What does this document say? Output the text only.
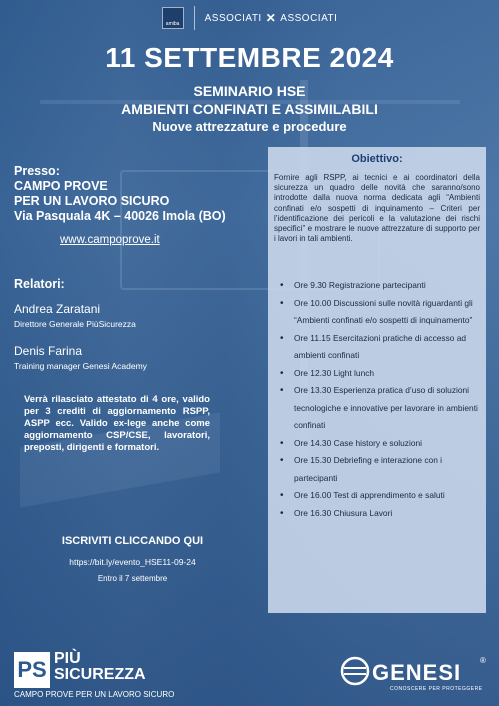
amiba
ASSOCIATI ✕ ASSOCIATI
11 SETTEMBRE 2024
SEMINARIO HSE
AMBIENTI CONFINATI E ASSIMILABILI
Nuove attrezzature e procedure
Presso:
CAMPO PROVE
PER UN LAVORO SICURO
Via Pasquala 4K – 40026 Imola (BO)
www.campoprove.it
Relatori:
Andrea Zaratani
Direttore Generale PiùSicurezza
Denis Farina
Training manager Genesi Academy
Verrà rilasciato attestato di 4 ore, valido per 3 crediti di aggiornamento RSPP, ASPP ecc. Valido ex-lege anche come aggiornamento CSP/CSE, lavoratori, preposti, dirigenti e formatori.
ISCRIVITI CLICCANDO QUI
https://bit.ly/evento_HSE11-09-24
Entro il 7 settembre
Obiettivo:
Fornire agli RSPP, ai tecnici e ai coordinatori della sicurezza un quadro delle novità che saranno/sono introdotte dalla nuova norma dedicata agli “Ambienti confinati e/o sospetti di inquinamento – Criteri per l’identificazione dei pericoli e la valutazione dei rischi specifici” e mostrare le nuove attrezzature di supporto per i lavori in tali ambienti.
• Ore 9.30 Registrazione partecipanti
• Ore 10.00 Discussioni sulle novità riguardanti gli “Ambienti confinati e/o sospetti di inquinamento”
• Ore 11.15 Esercitazioni pratiche di accesso ad ambienti confinati
• Ore 12.30 Light lunch
• Ore 13.30 Esperienza pratica d’uso di soluzioni tecnologiche e innovative per lavorare in ambienti confinati
• Ore 14.30 Case history e soluzioni
• Ore 15.30 Debriefing e interazione con i partecipanti
• Ore 16.00 Test di apprendimento e saluti
• Ore 16.30 Chiusura Lavori
PS PIÙ
SICUREZZA
CAMPO PROVE PER UN LAVORO SICURO
GENESI ®
CONOSCERE PER PROTEGGERE
